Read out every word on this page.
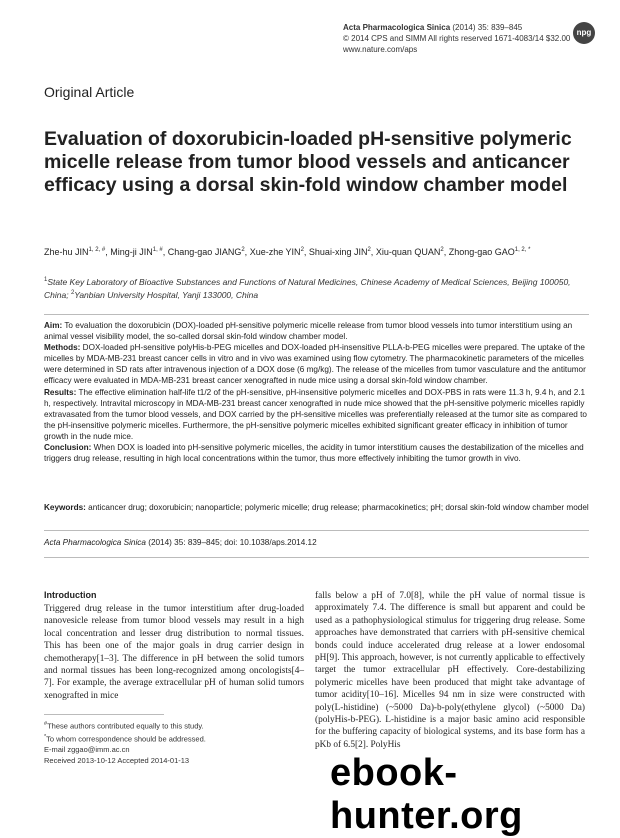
Acta Pharmacologica Sinica (2014) 35: 839–845
© 2014 CPS and SIMM All rights reserved 1671-4083/14 $32.00
www.nature.com/aps
npg
Original Article
Evaluation of doxorubicin-loaded pH-sensitive polymeric micelle release from tumor blood vessels and anticancer efficacy using a dorsal skin-fold window chamber model
Zhe-hu $JIN^{1, 2, \#}$, Ming-ji $JIN^{1, \#}$, Chang-gao JIANG$^2$, Xue-zhe YIN$^2$, Shuai-xing JIN$^2$, Xiu-quan QUAN$^2$, Zhong-gao $GAO^{1, 2, *}$
$^1$State Key Laboratory of Bioactive Substances and Functions of Natural Medicines, Chinese Academy of Medical Sciences, Beijing 100050, China; $^2$Yanbian University Hospital, Yanji 133000, China

Aim: To evaluation the doxorubicin (DOX)-loaded pH-sensitive polymeric micelle release from tumor blood vessels into tumor interstitium using an animal vessel visibility model, the so-called dorsal skin-fold window chamber model.

Methods: DOX-loaded pH-sensitive polyHis-b-PEG micelles and DOX-loaded pH-insensitive PLLA-b-PEG micelles were prepared. The uptake of the micelles by MDA-MB-231 breast cancer cells in vitro and in vivo was examined using flow cytometry. The pharmacokinetic parameters of the micelles were determined in SD rats after intravenous injection of a DOX dose (6 mg/kg). The release of the micelles from tumor vasculature and the antitumor efficacy were evaluated in MDA-MB-231 breast cancer xenografted in nude mice using a dorsal skin-fold window chamber.

Results: The effective elimination half-life t1/2 of the pH-sensitive, pH-insensitive polymeric micelles and DOX-PBS in rats were 11.3 h, 9.4 h, and 2.1 h, respectively. Intravital microscopy in MDA-MB-231 breast cancer xenografted in nude mice showed that the pH-sensitive polymeric micelles rapidly extravasated from the tumor blood vessels, and DOX carried by the pH-sensitive micelles was preferentially released at the tumor site as compared to the pH-insensitive polymeric micelles. Furthermore, the pH-sensitive polymeric micelles exhibited significant greater efficacy in inhibition of tumor growth in the nude mice.

Conclusion: When DOX is loaded into pH-sensitive polymeric micelles, the acidity in tumor interstitium causes the destabilization of the micelles and triggers drug release, resulting in high local concentrations within the tumor, thus more effectively inhibiting the tumor growth in vivo.

Keywords: anticancer drug; doxorubicin; nanoparticle; polymeric micelle; drug release; pharmacokinetics; pH; dorsal skin-fold window chamber model
Acta Pharmacologica Sinica (2014) 35: 839–845; doi: 10.1038/aps.2014.12
Introduction
Triggered drug release in the tumor interstitium after drug-loaded nanovesicle release from tumor blood vessels may result in a high local concentration and lesser drug distribution to normal tissues. This has been one of the major goals in drug carrier design in chemotherapy[1–3]. The difference in pH between the solid tumors and normal tissues has been long-recognized among oncologists[4–7]. For example, the average extracellular pH of human solid tumors xenografted in mice
falls below a pH of 7.0[8], while the pH value of normal tissue is approximately 7.4. The difference is small but apparent and could be used as a pathophysiological stimulus for triggering drug release. Some approaches have demonstrated that carriers with pH-sensitive chemical bonds could induce accelerated drug release at a lower endosomal pH[9]. This approach, however, is not currently applicable to effectively target the tumor extracellular pH effectively. Core-destabilizing polymeric micelles have been produced that might take advantage of tumor acidity[10–16]. Micelles 94 nm in size were constructed with poly(L-histidine) (~5000 Da)-b-poly(ethylene glycol) (~5000 Da) (polyHis-b-PEG). L-histidine is a major basic amino acid responsible for the buffering capacity of biological systems, and its base form has a pKb of 6.5[2]. PolyHis
#These authors contributed equally to this study.
*To whom correspondence should be addressed.
E-mail zggao@imm.ac.cn
Received 2013-10-12 Accepted 2014-01-13	ebook-hunter.org
